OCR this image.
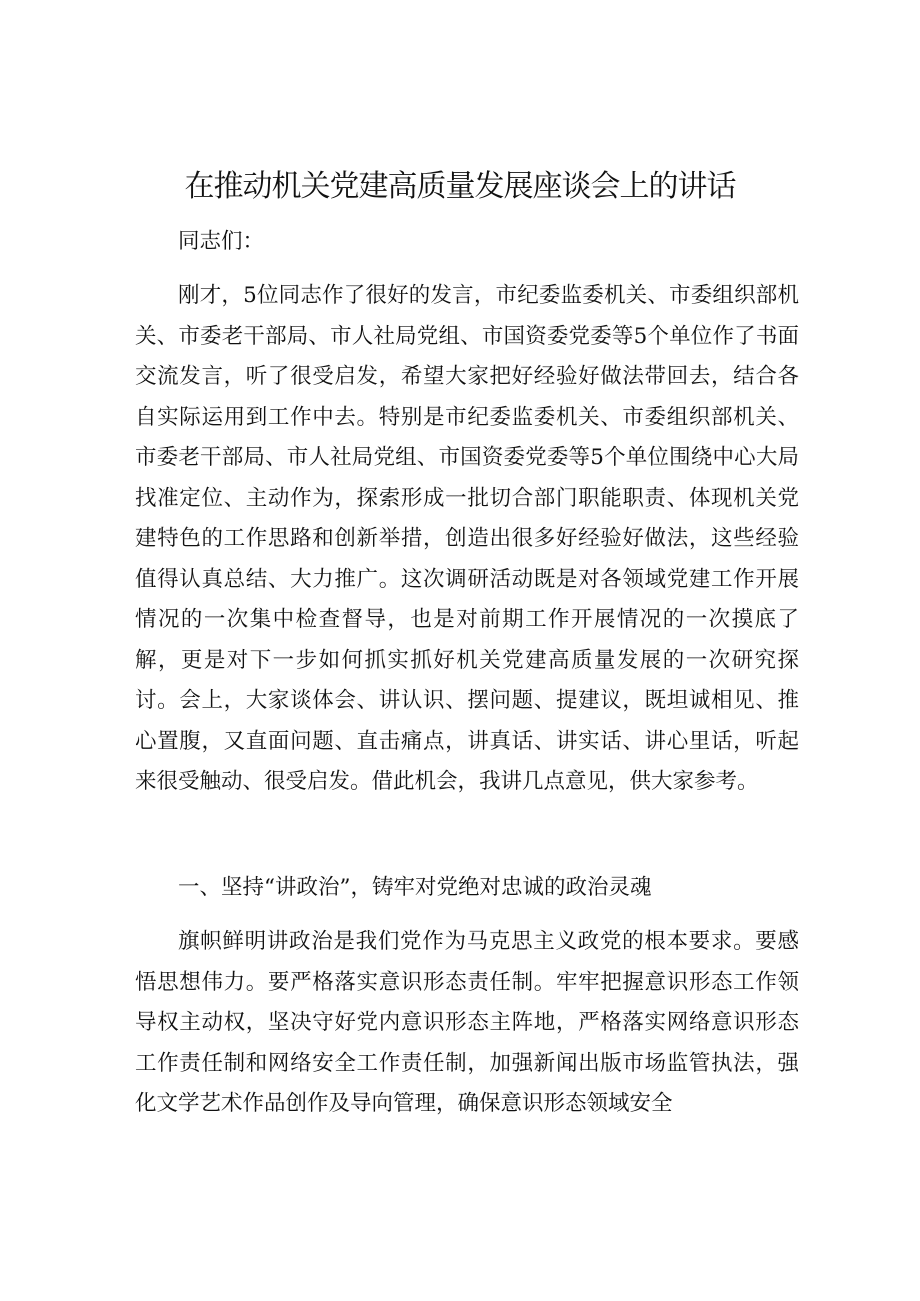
在推动机关党建高质量发展座谈会上的讲话

同志们：

刚才，5位同志作了很好的发言，市纪委监委机关、市委组织部机关、市委老干部局、市人社局党组、市国资委党委等5个单位作了书面交流发言，听了很受启发，希望大家把好经验好做法带回去，结合各自实际运用到工作中去。特别是市纪委监委机关、市委组织部机关、市委老干部局、市人社局党组、市国资委党委等5个单位围绕中心大局找准定位、主动作为，探索形成一批切合部门职能职责、体现机关党建特色的工作思路和创新举措，创造出很多好经验好做法，这些经验值得认真总结、大力推广。这次调研活动既是对各领域党建工作开展情况的一次集中检查督导，也是对前期工作开展情况的一次摸底了解，更是对下一步如何抓实抓好机关党建高质量发展的一次研究探讨。会上，大家谈体会、讲认识、摆问题、提建议，既坦诚相见、推心置腹，又直面问题、直击痛点，讲真话、讲实话、讲心里话，听起来很受触动、很受启发。借此机会，我讲几点意见，供大家参考。

一、坚持“讲政治”，铸牢对党绝对忠诚的政治灵魂

旗帜鲜明讲政治是我们党作为马克思主义政党的根本要求。要感悟思想伟力。要严格落实意识形态责任制。牢牢把握意识形态工作领导权主动权，坚决守好党内意识形态主阵地，严格落实网络意识形态工作责任制和网络安全工作责任制，加强新闻出版市场监管执法，强化文学艺术作品创作及导向管理，确保意识形态领域安全
